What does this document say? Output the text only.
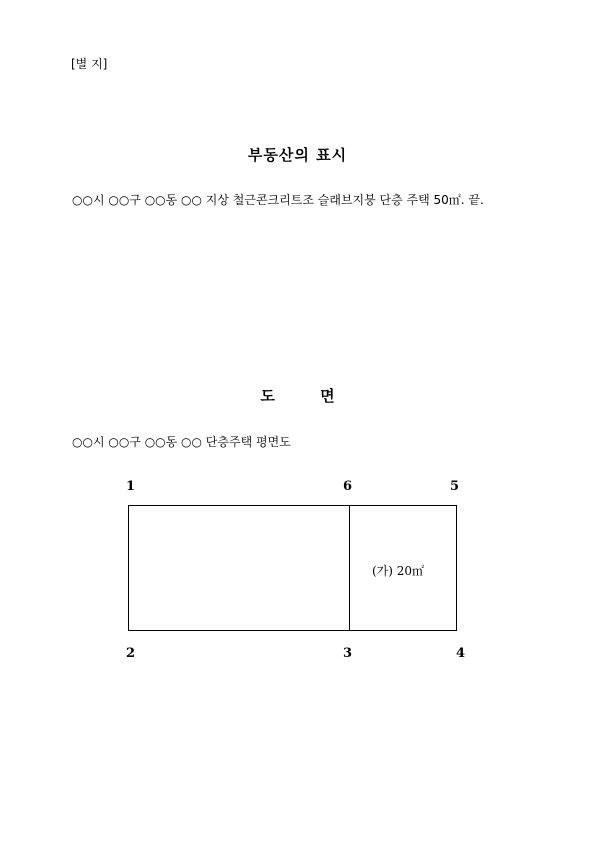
[별 지]
부동산의 표시
○○시 ○○구 ○○동 ○○ 지상 철근콘크리트조 슬래브지붕 단층 주택 50㎡. 끝.
도 면
○○시 ○○구 ○○동 ○○ 단층주택 평면도
1	6	5
(가) 20㎡
2	3	4
